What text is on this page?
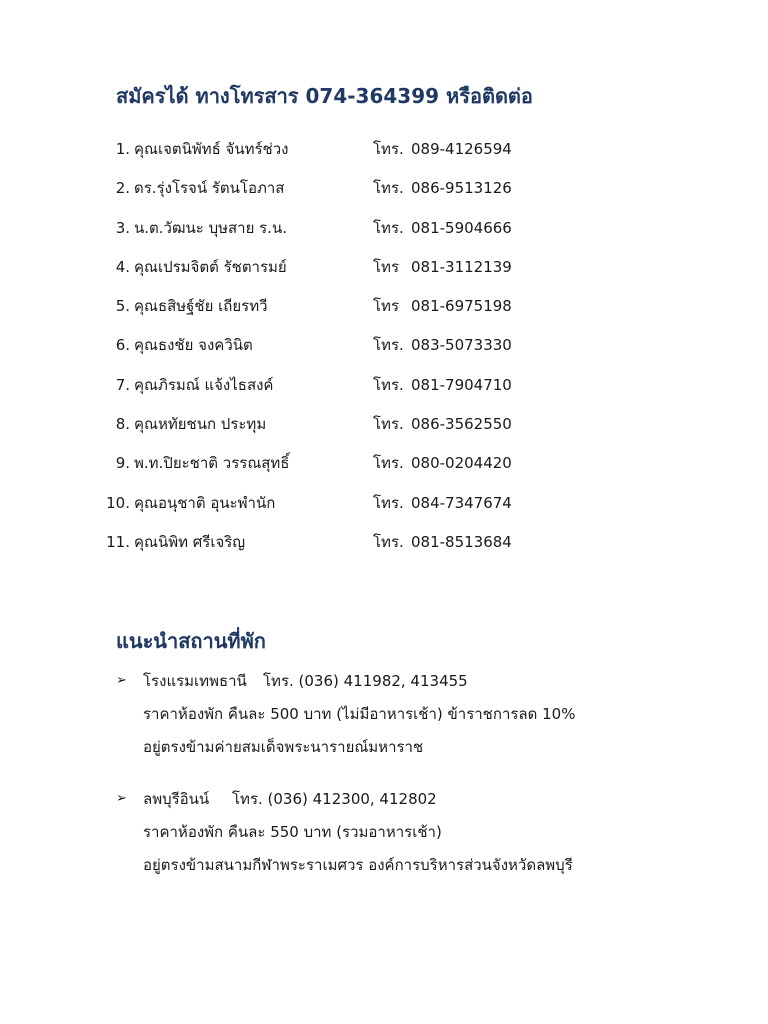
สมัครได้ ทางโทรสาร 074-364399 หรือติดต่อ
1. คุณเจตนิพัทธ์ จันทร์ช่วง	โทร. 089-4126594
2. ดร.รุ่งโรจน์ รัตนโอภาส	โทร. 086-9513126
3. น.ต.วัฒนะ บุษสาย ร.น.	โทร. 081-5904666
4. คุณเปรมจิตต์ รัชตารมย์	โทร 081-3112139
5. คุณธสิษฐ์ชัย เถียรทวี	โทร 081-6975198
6. คุณธงชัย จงควินิต	โทร. 083-5073330
7. คุณภิรมณ์ แจ้งไธสงค์	โทร. 081-7904710
8. คุณหทัยชนก ประทุม	โทร. 086-3562550
9. พ.ท.ปิยะชาติ วรรณสุทธิ์	โทร. 080-0204420
10. คุณอนุชาติ อุนะพำนัก	โทร. 084-7347674
11. คุณนิพิท ศรีเจริญ	โทร. 081-8513684
แนะนำสถานที่พัก
➢ โรงแรมเทพธานี โทร. (036) 411982, 413455
ราคาห้องพัก คืนละ 500 บาท (ไม่มีอาหารเช้า) ข้าราชการลด 10%
อยู่ตรงข้ามค่ายสมเด็จพระนารายณ์มหาราช
➢ ลพบุรีอินน์ โทร. (036) 412300, 412802
ราคาห้องพัก คืนละ 550 บาท (รวมอาหารเช้า)
อยู่ตรงข้ามสนามกีฬาพระราเมศวร องค์การบริหารส่วนจังหวัดลพบุรี
